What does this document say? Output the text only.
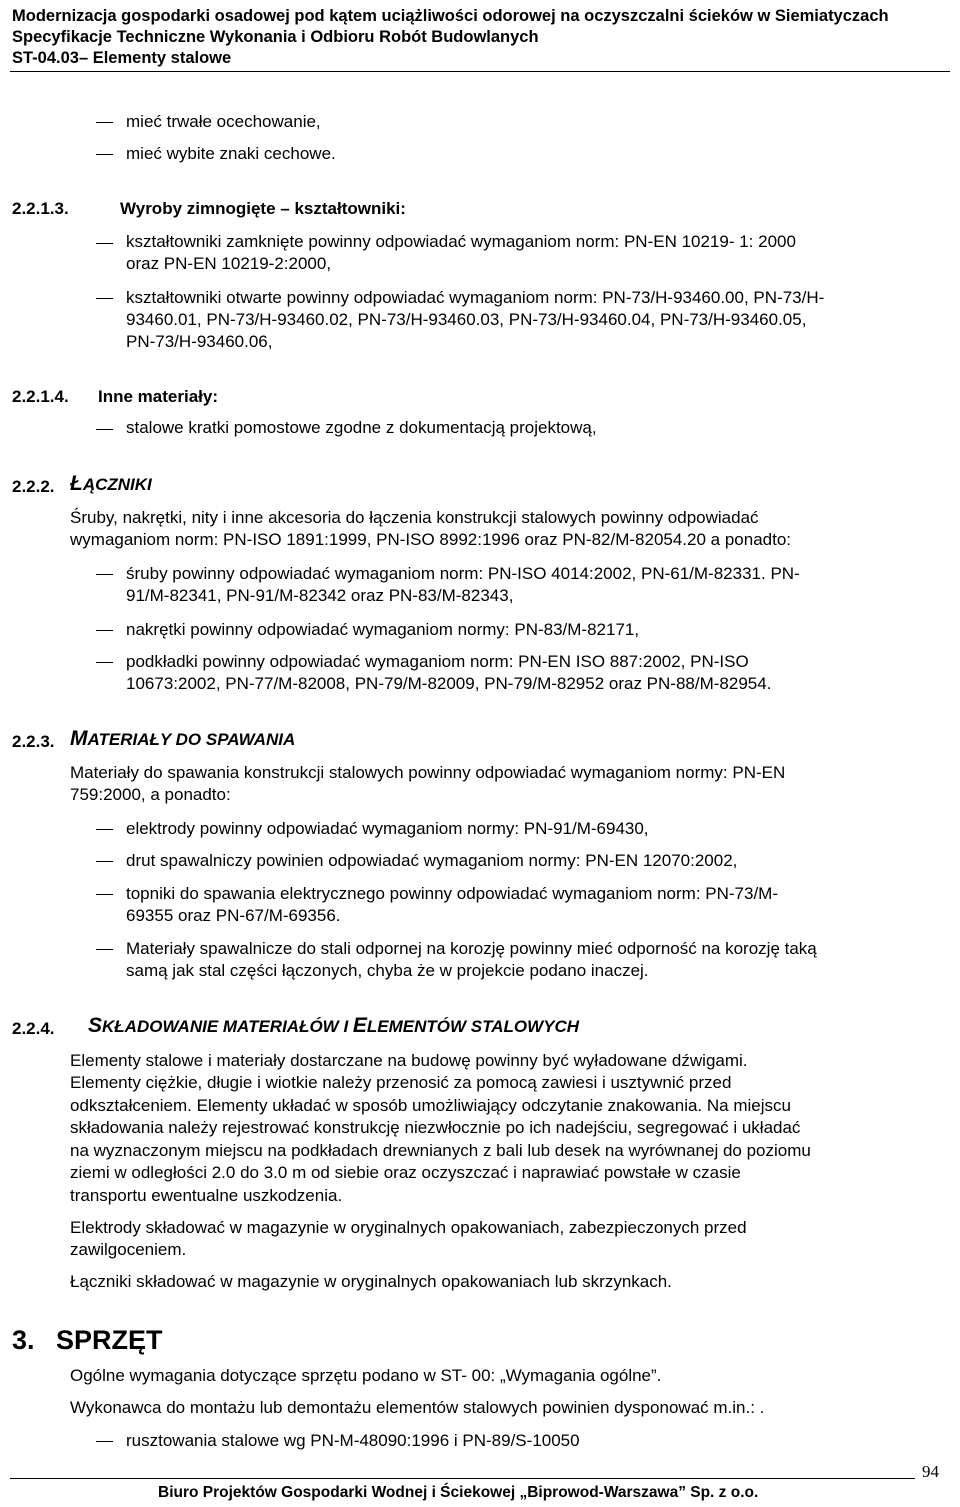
Modernizacja gospodarki osadowej pod kątem uciążliwości odorowej na oczyszczalni ścieków w Siemiatyczach
Specyfikacje Techniczne Wykonania i Odbioru Robót Budowlanych
ST-04.03– Elementy stalowe
mieć trwałe ocechowanie,
mieć wybite znaki cechowe.
2.2.1.3.	Wyroby zimnogięte – kształtowniki:
kształtowniki zamknięte powinny odpowiadać wymaganiom norm: PN-EN 10219- 1: 2000
oraz PN-EN 10219-2:2000,
kształtowniki otwarte powinny odpowiadać wymaganiom norm: PN-73/H-93460.00, PN-73/H-
93460.01, PN-73/H-93460.02, PN-73/H-93460.03, PN-73/H-93460.04, PN-73/H-93460.05,
PN-73/H-93460.06,
2.2.1.4. Inne materiały:
stalowe kratki pomostowe zgodne z dokumentacją projektową,
2.2.2. ŁĄCZNIKI
Śruby, nakrętki, nity i inne akcesoria do łączenia konstrukcji stalowych powinny odpowiadać
wymaganiom norm: PN-ISO 1891:1999, PN-ISO 8992:1996 oraz PN-82/M-82054.20 a ponadto:
śruby powinny odpowiadać wymaganiom norm: PN-ISO 4014:2002, PN-61/M-82331. PN-
91/M-82341, PN-91/M-82342 oraz PN-83/M-82343,
nakrętki powinny odpowiadać wymaganiom normy: PN-83/M-82171,
podkładki powinny odpowiadać wymaganiom norm: PN-EN ISO 887:2002, PN-ISO
10673:2002, PN-77/M-82008, PN-79/M-82009, PN-79/M-82952 oraz PN-88/M-82954.
2.2.3. MATERIAŁY DO SPAWANIA
Materiały do spawania konstrukcji stalowych powinny odpowiadać wymaganiom normy: PN-EN
759:2000, a ponadto:
elektrody powinny odpowiadać wymaganiom normy: PN-91/M-69430,
drut spawalniczy powinien odpowiadać wymaganiom normy: PN-EN 12070:2002,
topniki do spawania elektrycznego powinny odpowiadać wymaganiom norm: PN-73/M-
69355 oraz PN-67/M-69356.
Materiały spawalnicze do stali odpornej na korozję powinny mieć odporność na korozję taką
samą jak stal części łączonych, chyba że w projekcie podano inaczej.
2.2.4. SKŁADOWANIE MATERIAŁÓW I ELEMENTÓW STALOWYCH
Elementy stalowe i materiały dostarczane na budowę powinny być wyładowane dźwigami.
Elementy ciężkie, długie i wiotkie należy przenosić za pomocą zawiesi i usztywnić przed
odkształceniem. Elementy układać w sposób umożliwiający odczytanie znakowania. Na miejscu
składowania należy rejestrować konstrukcję niezwłocznie po ich nadejściu, segregować i układać
na wyznaczonym miejscu na podkładach drewnianych z bali lub desek na wyrównanej do poziomu
ziemi w odległości 2.0 do 3.0 m od siebie oraz oczyszczać i naprawiać powstałe w czasie
transportu ewentualne uszkodzenia.
Elektrody składować w magazynie w oryginalnych opakowaniach, zabezpieczonych przed
zawilgoceniem.
Łączniki składować w magazynie w oryginalnych opakowaniach lub skrzynkach.
3. SPRZĘT
Ogólne wymagania dotyczące sprzętu podano w ST- 00: „Wymagania ogólne”.
Wykonawca do montażu lub demontażu elementów stalowych powinien dysponować m.in.: .
rusztowania stalowe wg PN-M-48090:1996 i PN-89/S-10050
94
Biuro Projektów Gospodarki Wodnej i Ściekowej „Biprowod-Warszawa” Sp. z o.o.
